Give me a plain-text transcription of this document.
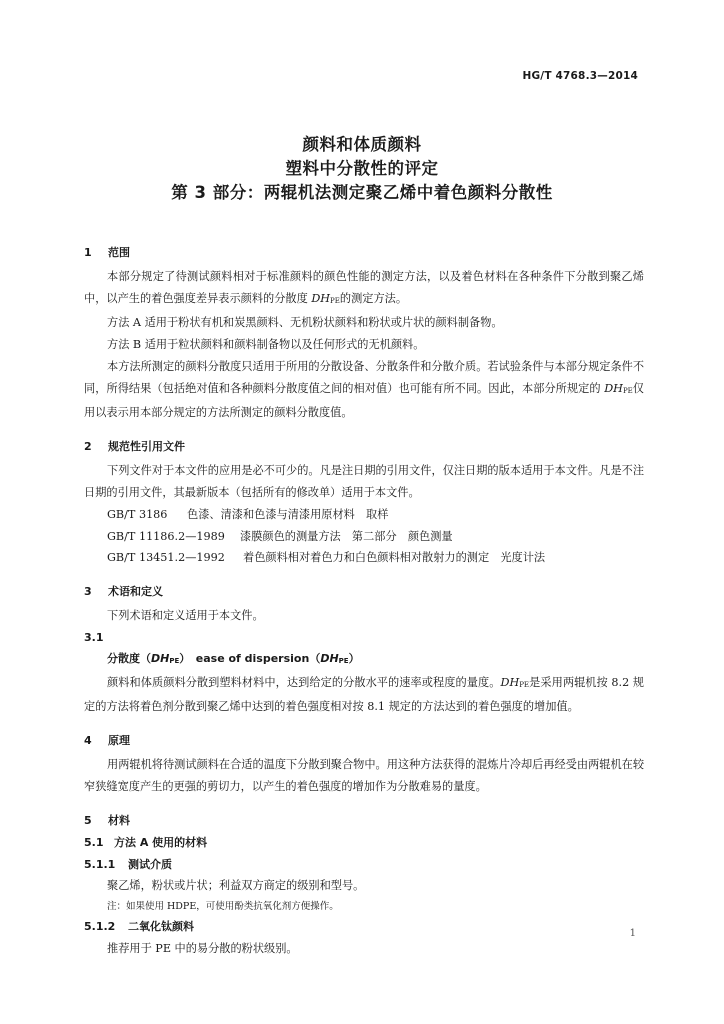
HG/T 4768.3—2014
颜料和体质颜料
塑料中分散性的评定
第 3 部分：两辊机法测定聚乙烯中着色颜料分散性
1 范围

本部分规定了待测试颜料相对于标准颜料的颜色性能的测定方法，以及着色材料在各种条件下分散到聚乙烯中，以产生的着色强度差异表示颜料的分散度 DHPE的测定方法。

方法 A 适用于粉状有机和炭黑颜料、无机粉状颜料和粉状或片状的颜料制备物。

方法 B 适用于粒状颜料和颜料制备物以及任何形式的无机颜料。

本方法所测定的颜料分散度只适用于所用的分散设备、分散条件和分散介质。若试验条件与本部分规定条件不同，所得结果（包括绝对值和各种颜料分散度值之间的相对值）也可能有所不同。因此，本部分所规定的 DHPE仅用以表示用本部分规定的方法所测定的颜料分散度值。

2 规范性引用文件

下列文件对于本文件的应用是必不可少的。凡是注日期的引用文件，仅注日期的版本适用于本文件。凡是不注日期的引用文件，其最新版本（包括所有的修改单）适用于本文件。

GB/T 3186 色漆、清漆和色漆与清漆用原材料　取样
GB/T 11186.2—1989 漆膜颜色的测量方法　第二部分　颜色测量
GB/T 13451.2—1992 着色颜料相对着色力和白色颜料相对散射力的测定　光度计法
3 术语和定义

下列术语和定义适用于本文件。

3.1
分散度（DHPE）　ease of dispersion（DHPE）

颜料和体质颜料分散到塑料材料中，达到给定的分散水平的速率或程度的量度。DHPE是采用两辊机按 8.2 规定的方法将着色剂分散到聚乙烯中达到的着色强度相对按 8.1 规定的方法达到的着色强度的增加值。

4 原理

用两辊机将待测试颜料在合适的温度下分散到聚合物中。用这种方法获得的混炼片冷却后再经受由两辊机在较窄狭缝宽度产生的更强的剪切力，以产生的着色强度的增加作为分散难易的量度。

5 材料
5.1 方法 A 使用的材料
5.1.1 测试介质

聚乙烯，粉状或片状；利益双方商定的级别和型号。

注：如果使用 HDPE，可使用酚类抗氧化剂方便操作。
5.1.2 二氧化钛颜料

推荐用于 PE 中的易分散的粉状级别。

1
